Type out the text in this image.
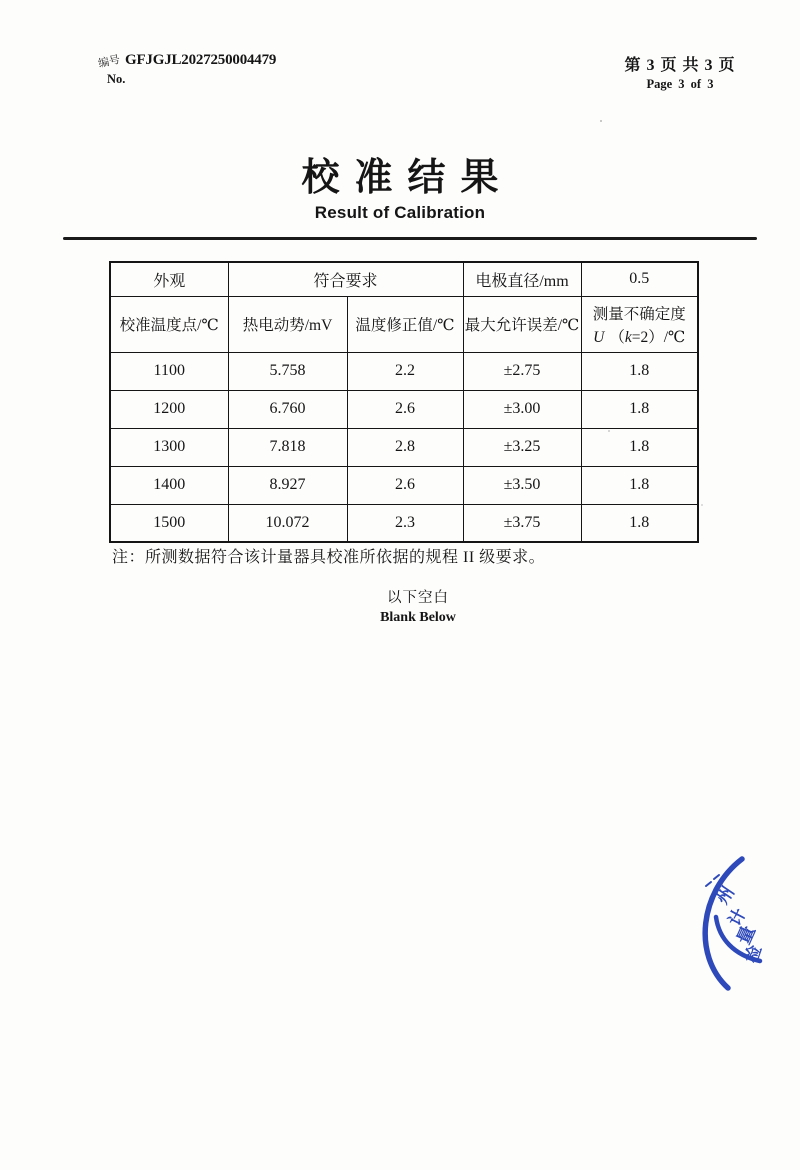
编号
No.
GFJGJL2027250004479	第 3 页 共 3 页
Page 3 of 3
校准结果
Result of Calibration
外观	符合要求		电极直径/mm	0.5
校准温度点/℃	热电动势/mV	温度修正值/℃	最大允许误差/℃	测量不确定度
U （k=2）/℃

1100	5.758	2.2	±2.75	1.8
1200	6.760	2.6	±3.00	1.8
1300	7.818	2.8	±3.25	1.8
1400	8.927	2.6	±3.50	1.8
1500	10.072	2.3	±3.75	1.8
注：所测数据符合该计量器具校准所依据的规程 II 级要求。
以下空白
Blank Below
州
计
量
检
